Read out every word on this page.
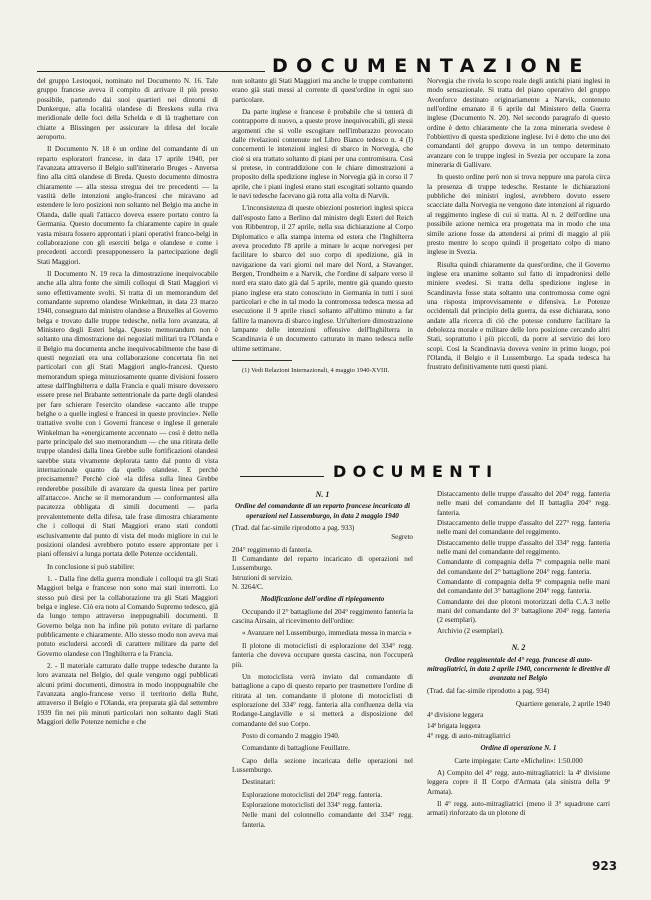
DOCUMENTAZIONE

del gruppo Lestoquoi, nominato nel Documento N. 16. Tale gruppo francese aveva il compito di arrivare il più presto possibile, partendo dai suoi quartieri nei dintorni di Dunkerque, alla località olandese di Breskens sulla riva meridionale delle foci della Schelda e di là traghettare con chiatte a Blissingen per assicurare la difesa del locale aeroporto.

Il Documento N. 18 è un ordine del comandante di un reparto esploratori francese, in data 17 aprile 1940, per l'avanzata attraverso il Belgio sull'itinerario Bruges - Anversa fino alla città olandese di Breda. Questo documento dimostra chiaramente — alla stessa stregua dei tre precedenti — la vastità delle intenzioni anglo-francesi che miravano ad estendere le loro posizioni non soltanto nel Belgio ma anche in Olanda, dalle quali l'attacco doveva essere portato contro la Germania. Questo documento fa chiaramente capire in quale vasta misura fossero approntati i piani operativi franco-belgi in collaborazione con gli eserciti belga e olandese e come i precedenti accordi presupponessero la partecipazione degli Stati Maggiori.

Il Documento N. 19 reca la dimostrazione inequivocabile anche alla altra fonte che simili colloqui di Stati Maggiori vi sono effettivamente svolti. Si tratta di un memorandum del comandante supremo olandese Winkelman, in data 23 marzo 1940, consegnato dal ministro olandese a Bruxelles al Governo belga e trovato dalle truppe tedesche, nella loro avanzata, al Ministero degli Esteri belga. Questo memorandum non è soltanto una dimostrazione dei negoziati militari tra l'Olanda e il Belgio ma documenta anche inequivocabilmente che base di questi negoziati era una collaborazione concertata fin nei particolari con gli Stati Maggiori anglo-francesi. Questo memorandum spiega minuziosamente quante divisioni fossero attese dall'Inghilterra e dalla Francia e quali misure dovessero essere prese nel Brabante settentrionale da parte degli olandesi per fare schierare l'esercito olandese «accanto alle truppe belghe o a quelle inglesi e francesi in queste provincie». Nelle trattative svolte con i Governi francese e inglese il generale Winkelman ha «energicamente accennato — così è detto nella parte principale del suo memorandum — che una ritirata delle truppe olandesi dalla linea Grebbe sulle fortificazioni olandesi sarebbe stata vivamente deplorata tanto dal punto di vista internazionale quanto da quello olandese. E perchè precisamente? Perchè cioè «la difesa sulla linea Grebbe renderebbe possibile di avanzare da questa linea per partire all'attacco». Anche se il memorandum — conformantesi alla pacatezza obbligata di simili documenti — parla prevalentemente della difesa, tale frase dimostra chiaramente che i colloqui di Stati Maggiori erano stati condotti esclusivamente dal punto di vista del modo migliore in cui le posizioni olandesi avrebbero potuto essere approntate per i piani offensivi a lunga portata delle Potenze occidentali.

In conclusione si può stabilire:

1. - Dalla fine della guerra mondiale i colloqui tra gli Stati Maggiori belga e francese non sono mai stati interrotti. Lo stesso può dirsi per la collaborazione tra gli Stati Maggiori belga e inglese. Ciò era noto al Comando Supremo tedesco, già da lungo tempo attraverso ineppugnabili documenti. Il Governo belga non ha infine più potuto evitare di parlarne pubblicamente e chiaramente. Allo stesso modo non aveva mai potuto escludersi accordi di carattere militare da parte del Governo olandese con l'Inghilterra e la Francia.

2. - Il materiale catturato dalle truppe tedesche durante la loro avanzata nel Belgio, del quale vengono oggi pubblicati alcuni primi documenti, dimostra in modo inoppugnabile che l'avanzata anglo-francese verso il territorio della Ruhr, attraverso il Belgio e l'Olanda, era preparata già dal settembre 1939 fin nei più minuti particolari non soltanto dagli Stati Maggiori delle Potenze nemiche e che

non soltanto gli Stati Maggiori ma anche le truppe combattenti erano già stati messi al corrente di quest'ordine in ogni suo particolare.

Da parte inglese e francese è probabile che si tenterà di contrapporre di nuovo, a queste prove inequivocabili, gli stessi argomenti che si volle escogitare nell'imbarazzo provocato dalle rivelazioni contenute nel Libro Bianco tedesco n. 4 (I) concernenti le intenzioni inglesi di sbarco in Norvegia, che cioè si era trattato soltanto di piani per una contromisura. Così si pretese, in contraddizione con le chiare dimostrazioni a proposito della spedizione inglese in Norvegia già in corso il 7 aprile, che i piani inglesi erano stati escogitati soltanto quando le navi tedesche facevano già rotta alla volta di Narvik.

L'inconsistenza di queste obiezioni posteriori inglesi spicca dall'esposto fatto a Berlino dal ministro degli Esteri del Reich von Ribbentrop, il 27 aprile, nella sua dichiarazione al Corpo Diplomatico e alla stampa interna ed estera che l'Inghilterra aveva proceduto l'8 aprile a minare le acque norvegesi per facilitare lo sbarco del suo corpo di spedizione, già in navigazione da vari giorni nel mare del Nord, a Stavanger, Bergen, Trondheim e a Narvik, che l'ordine di salpare verso il nord era stato dato già dal 5 aprile, mentre già quando questo piano inglese era stato conosciuto in Germania in tutti i suoi particolari e che in tal modo la contromossa tedesca messa ad esecuzione il 9 aprile riuscì soltanto all'ultimo minuto a far fallire la manovra di sbarco inglese. Un'ulteriore dimostrazione lampante delle intenzioni offensive dell'Inghilterra in Scandinavia è un documento catturato in mano tedesca nelle ultime settimane.

(1) Vedi Relazioni Internazionali, 4 maggio 1940-XVIII.

DOCUMENTI
N. 1
Ordine del comandante di un reparto francese incaricato di operazioni nel Lussemburgo, in data 2 maggio 1940

(Trad. dal fac-simile riprodotto a pag. 933)

Segreto

204° reggimento di fanteria.

Il Comandante del reparto incaricato di operazioni nel Lussemburgo.

Istruzioni di servizio.

N. 3264/C.

Modificazione dell'ordine di ripiegamento

Occupando il 2° battaglione del 204° reggimento fanteria la cascina Airsain, al ricevimento dell'ordine:

« Avanzare nel Lussemburgo, immediata messa in marcia »

Il plotone di motociclisti di esplorazione del 334° regg. fanteria che doveva occupare questa cascina, non l'occuperà più.

Un motociclista verrà inviato dal comandante di battaglione a capo di questo reparto per trasmettere l'ordine di ritirata al ten. comandante il plotone di motociclisti di esplorazione del 334° regg. fanteria alla confluenza della via Rodange-Langlaville e si metterà a disposizione del comandante del suo Corpo.

Posto di comando 2 maggio 1940.

Comandante di battaglione Feuillatre.

Capo della sezione incaricata delle operazioni nel Lussemburgo.

Destinatari:

Esplorazione motociclisti del 204° regg. fanteria.

Esplorazione motociclisti del 334° regg. fanteria.

Nelle mani del colonnello comandante del 334° regg. fanteria.

Norvegia che rivela lo scopo reale degli antichi piani inglesi in modo sensazionale. Si tratta del piano operativo del gruppo Avonforce destinato originariamente a Narvik, contenuto nell'ordine emanato il 6 aprile dal Ministero della Guerra inglese (Documento N. 20). Nel secondo paragrafo di questo ordine è detto chiaramente che la zona mineraria svedese è l'obbiettivo di questa spedizione inglese. Ivi è detto che uno dei comandanti del gruppo doveva in un tempo determinato avanzare con le truppe inglesi in Svezia per occupare la zona mineraria di Gallivare.

In questo ordine però non si trova neppure una parola circa la presenza di truppe tedesche. Restante le dichiarazioni pubbliche dei ministri inglesi, avrebbero dovuto essere scacciate dalla Norvegia ne vengono date intenzioni al riguardo al reggimento inglese di cui si tratta. Al n. 2 dell'ordine una possibile azione nemica era progettata ma in modo che una simile azione fosse da attendersi ai primi di maggio al più presto mentre lo scopo quindi il progettato colpo di mano inglese in Svezia.

Risulta quindi chiaramente da quest'ordine, che il Governo inglese era unanime soltanto sul fatto di impadronirsi delle miniere svedesi. Si tratta della spedizione inglese in Scandinavia fosse stata soltanto una contromossa come ogni una risposta improvvisamente e difensiva. Le Potenze occidentali dal principio della guerra, da esse dichiarata, sono andate alla ricerca di ciò che potesse condurre facilitare la debolezza morale e militare delle loro posizione cercando altri Stati, soprattutto i più piccoli, da porre al servizio dei loro scopi. Così la Scandinavia doveva venire in primo luogo, poi l'Olanda, il Belgio e il Lussemburgo. La spada tedesca ha frustrato definitivamente tutti questi piani.

Distaccamento delle truppe d'assalto del 204° regg. fanteria nelle mani del comandante del II battaglia 204° regg. fanteria.

Distaccamento delle truppe d'assalto del 227° regg. fanteria nelle mani del comandante del reggimento.

Distaccamento delle truppe d'assalto del 334° regg. fanteria nelle mani del comandante del reggimento.

Comandante di compagnia della 7ª compagnia nelle mani del comandante del 2° battaglione 204° regg. fanteria.

Comandante di compagnia della 9ª compagnia nelle mani del comandante del 3° battaglione 204° regg. fanteria.

Comandante dei due plotoni motorizzati della C.A.3 nelle mani del comandante del 3° battaglione 204° regg. fanteria (2 esemplari).

Archivio (2 esemplari).

N. 2
Ordine reggimentale del 4° regg. francese di auto-mitragliatrici, in data 2 aprile 1940, concernente le direttive di avanzata nel Belgio

(Trad. dal fac-simile riprodotto a pag. 934)

Quartiere generale, 2 aprile 1940

4ª divisione leggera

14ª brigata leggera

4° regg. di auto-mitragliatrici

Ordine di operazione N. 1

Carte impiegate: Carte «Michelin»: 1:50.000

A) Compito del 4° regg. auto-mitragliatrici: la 4ª divisione leggera copre il II Corpo d'Armata (ala sinistra della 9ª Armata).

Il 4° regg. auto-mitragliatrici (meno il 3° squadrone carri armati) rinforzato da un plotone di

923
